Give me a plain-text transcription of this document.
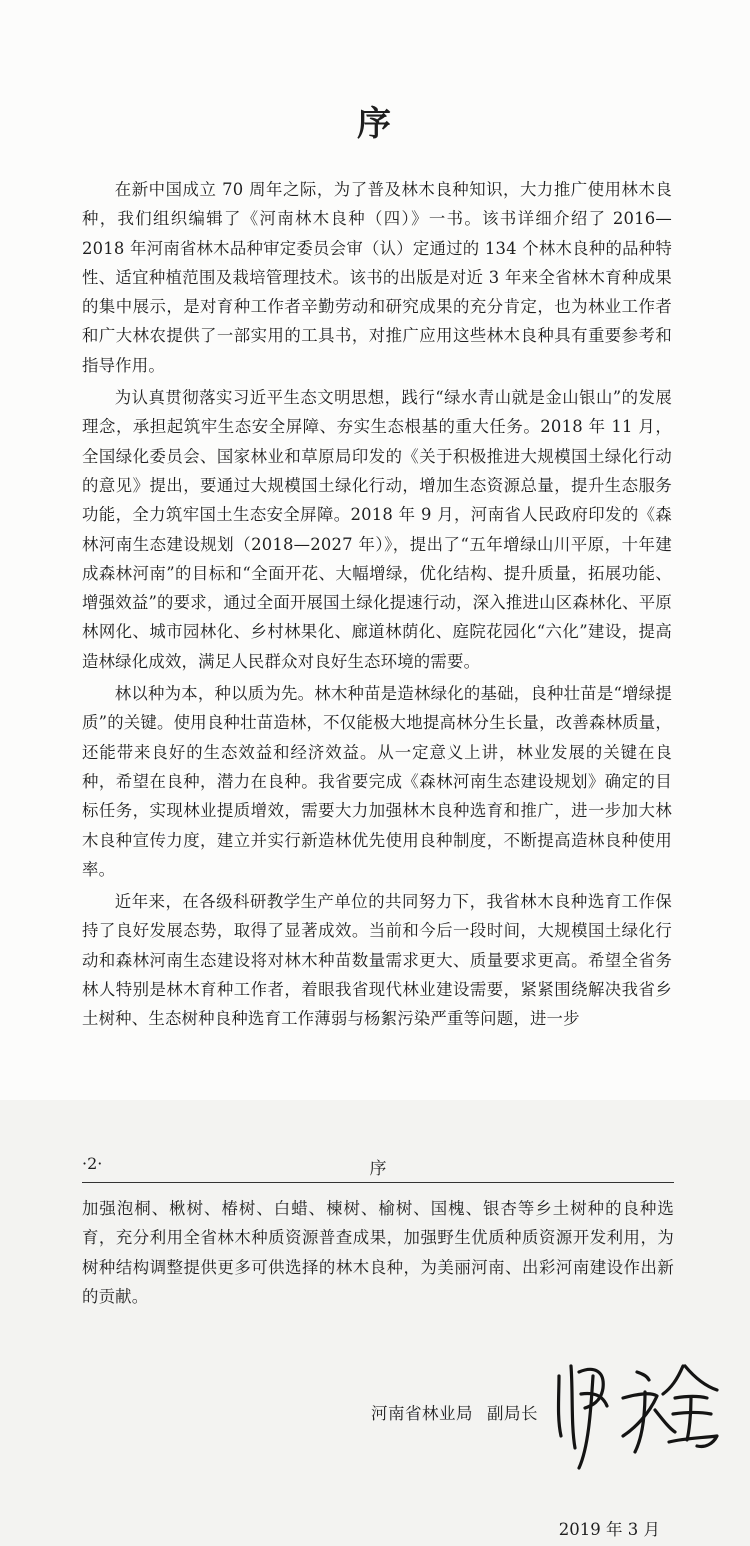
序

在新中国成立 70 周年之际，为了普及林木良种知识，大力推广使用林木良种，我们组织编辑了《河南林木良种（四）》一书。该书详细介绍了 2016—2018 年河南省林木品种审定委员会审（认）定通过的 134 个林木良种的品种特性、适宜种植范围及栽培管理技术。该书的出版是对近 3 年来全省林木育种成果的集中展示，是对育种工作者辛勤劳动和研究成果的充分肯定，也为林业工作者和广大林农提供了一部实用的工具书，对推广应用这些林木良种具有重要参考和指导作用。

为认真贯彻落实习近平生态文明思想，践行“绿水青山就是金山银山”的发展理念，承担起筑牢生态安全屏障、夯实生态根基的重大任务。2018 年 11 月，全国绿化委员会、国家林业和草原局印发的《关于积极推进大规模国土绿化行动的意见》提出，要通过大规模国土绿化行动，增加生态资源总量，提升生态服务功能，全力筑牢国土生态安全屏障。2018 年 9 月，河南省人民政府印发的《森林河南生态建设规划（2018—2027 年）》，提出了“五年增绿山川平原，十年建成森林河南”的目标和“全面开花、大幅增绿，优化结构、提升质量，拓展功能、增强效益”的要求，通过全面开展国土绿化提速行动，深入推进山区森林化、平原林网化、城市园林化、乡村林果化、廊道林荫化、庭院花园化“六化”建设，提高造林绿化成效，满足人民群众对良好生态环境的需要。

林以种为本，种以质为先。林木种苗是造林绿化的基础，良种壮苗是“增绿提质”的关键。使用良种壮苗造林，不仅能极大地提高林分生长量，改善森林质量，还能带来良好的生态效益和经济效益。从一定意义上讲，林业发展的关键在良种，希望在良种，潜力在良种。我省要完成《森林河南生态建设规划》确定的目标任务，实现林业提质增效，需要大力加强林木良种选育和推广，进一步加大林木良种宣传力度，建立并实行新造林优先使用良种制度，不断提高造林良种使用率。

近年来，在各级科研教学生产单位的共同努力下，我省林木良种选育工作保持了良好发展态势，取得了显著成效。当前和今后一段时间，大规模国土绿化行动和森林河南生态建设将对林木种苗数量需求更大、质量要求更高。希望全省务林人特别是林木育种工作者，着眼我省现代林业建设需要，紧紧围绕解决我省乡土树种、生态树种良种选育工作薄弱与杨絮污染严重等问题，进一步

·2·	序

加强泡桐、楸树、椿树、白蜡、楝树、榆树、国槐、银杏等乡土树种的良种选育，充分利用全省林木种质资源普查成果，加强野生优质种质资源开发利用，为树种结构调整提供更多可供选择的林木良种，为美丽河南、出彩河南建设作出新的贡献。

河南省林业局 副局长
2019 年 3 月
